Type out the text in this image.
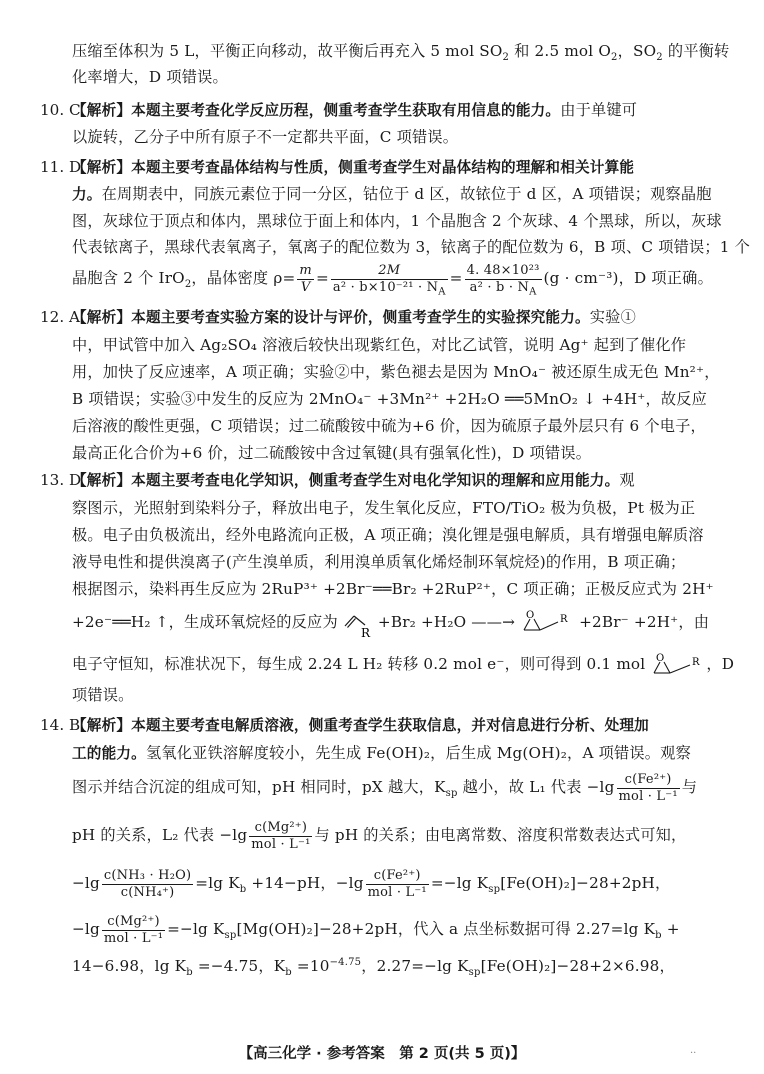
压缩至体积为 5 L，平衡正向移动，故平衡后再充入 5 mol $SO_2$ 和 2.5 mol $O_2$，$SO_2$ 的平衡转
化率增大，D 项错误。
10. C
【解析】本题主要考查化学反应历程，侧重考查学生获取有用信息的能力。由于单键可
以旋转，乙分子中所有原子不一定都共平面，C 项错误。
11. D
【解析】本题主要考查晶体结构与性质，侧重考查学生对晶体结构的理解和相关计算能
力。在周期表中，同族元素位于同一分区，钴位于 d 区，故铱位于 d 区，A 项错误；观察晶胞
图，灰球位于顶点和体内，黑球位于面上和体内，1 个晶胞含 2 个灰球、4 个黑球，所以，灰球
代表铱离子，黑球代表氧离子，氧离子的配位数为 3，铱离子的配位数为 6，B 项、C 项错误；1 个
晶胞含 2 个 IrO$_2$，晶体密度 $\rho= \frac{m}{V} = \frac{2M}{a^2 \cdot b\times 10^{-21} \cdot N_A} = \frac{\text{4. 48×10²³}}{a^2 \cdot b \cdot N_A} (g \cdot cm^{-3})$，D 项正确。
12. A
【解析】本题主要考查实验方案的设计与评价，侧重考查学生的实验探究能力。实验①
中，甲试管中加入 Ag₂SO₄ 溶液后较快出现紫红色，对比乙试管，说明 Ag⁺ 起到了催化作
用，加快了反应速率，A 项正确；实验②中，紫色褪去是因为 MnO₄⁻ 被还原生成无色 Mn²⁺，
B 项错误；实验③中发生的反应为 2MnO₄⁻ +3Mn²⁺ +2H₂O ══5MnO₂ ↓ +4H⁺，故反应
后溶液的酸性更强，C 项错误；过二硫酸铵中硫为+6 价，因为硫原子最外层只有 6 个电子，
最高正化合价为+6 价，过二硫酸铵中含过氧键(具有强氧化性)，D 项错误。
13. D
【解析】本题主要考查电化学知识，侧重考查学生对电化学知识的理解和应用能力。观
察图示，光照射到染料分子，释放出电子，发生氧化反应，FTO/TiO₂ 极为负极，Pt 极为正
极。电子由负极流出，经外电路流向正极，A 项正确；溴化锂是强电解质，具有增强电解质溶
液导电性和提供溴离子(产生溴单质，利用溴单质氧化烯烃制环氧烷烃)的作用，B 项正确；
根据图示，染料再生反应为 2RuP³⁺ +2Br⁻══Br₂ +2RuP²⁺，C 项正确；正极反应式为 2H⁺
+2e⁻══H₂ ↑，生成环氧烷烃的反应为
R
+Br₂ +H₂O ——→ O	R +2Br⁻ +2H⁺，由
电子守恒知，标准状况下，每生成 2.24 L H₂ 转移 0.2 mol e⁻，则可得到 0.1 mol O	R ，D
项错误。
14. B
【解析】本题主要考查电解质溶液，侧重考查学生获取信息，并对信息进行分析、处理加
工的能力。氢氧化亚铁溶解度较小，先生成 Fe(OH)₂，后生成 Mg(OH)₂，A 项错误。观察
图示并结合沉淀的组成可知，pH 相同时，pX 越大，$K_{sp}$ 越小，故 L₁ 代表 $-\lg \frac{\text{c(Fe²⁺)}}{\text{mol · L⁻¹}}$ 与
pH 的关系，L₂ 代表 $-\lg \frac{\text{c(Mg²⁺)}}{\text{mol · L⁻¹}}$ 与 pH 的关系；由电离常数、溶度积常数表达式可知，
$-\lg \frac{\text{c(NH₃ · H₂O)}}{\text{c(NH₄⁺)}} =\lg$ $K_b +14-pH$，$-\lg \frac{\text{c(Fe²⁺)}}{\text{mol · L⁻¹}} =-\lg$ $K_{sp}[Fe(OH)_2]-28+2pH$，
$-\lg \frac{\text{c(Mg²⁺)}}{\text{mol · L⁻¹}} =-\lg$ $K_{sp}[Mg(OH)_2]-28+2pH$，代入 a 点坐标数据可得 2.27=lg $K_b$ +
14−6.98，$\lg K_b =-4.75$，$K_b =10^{-4.75}$，2.27=−lg $K_{sp}[Fe(OH)_2]-28+2\times 6.98$，
【高三化学 · 参考答案　第 2 页(共 5 页)】	··
